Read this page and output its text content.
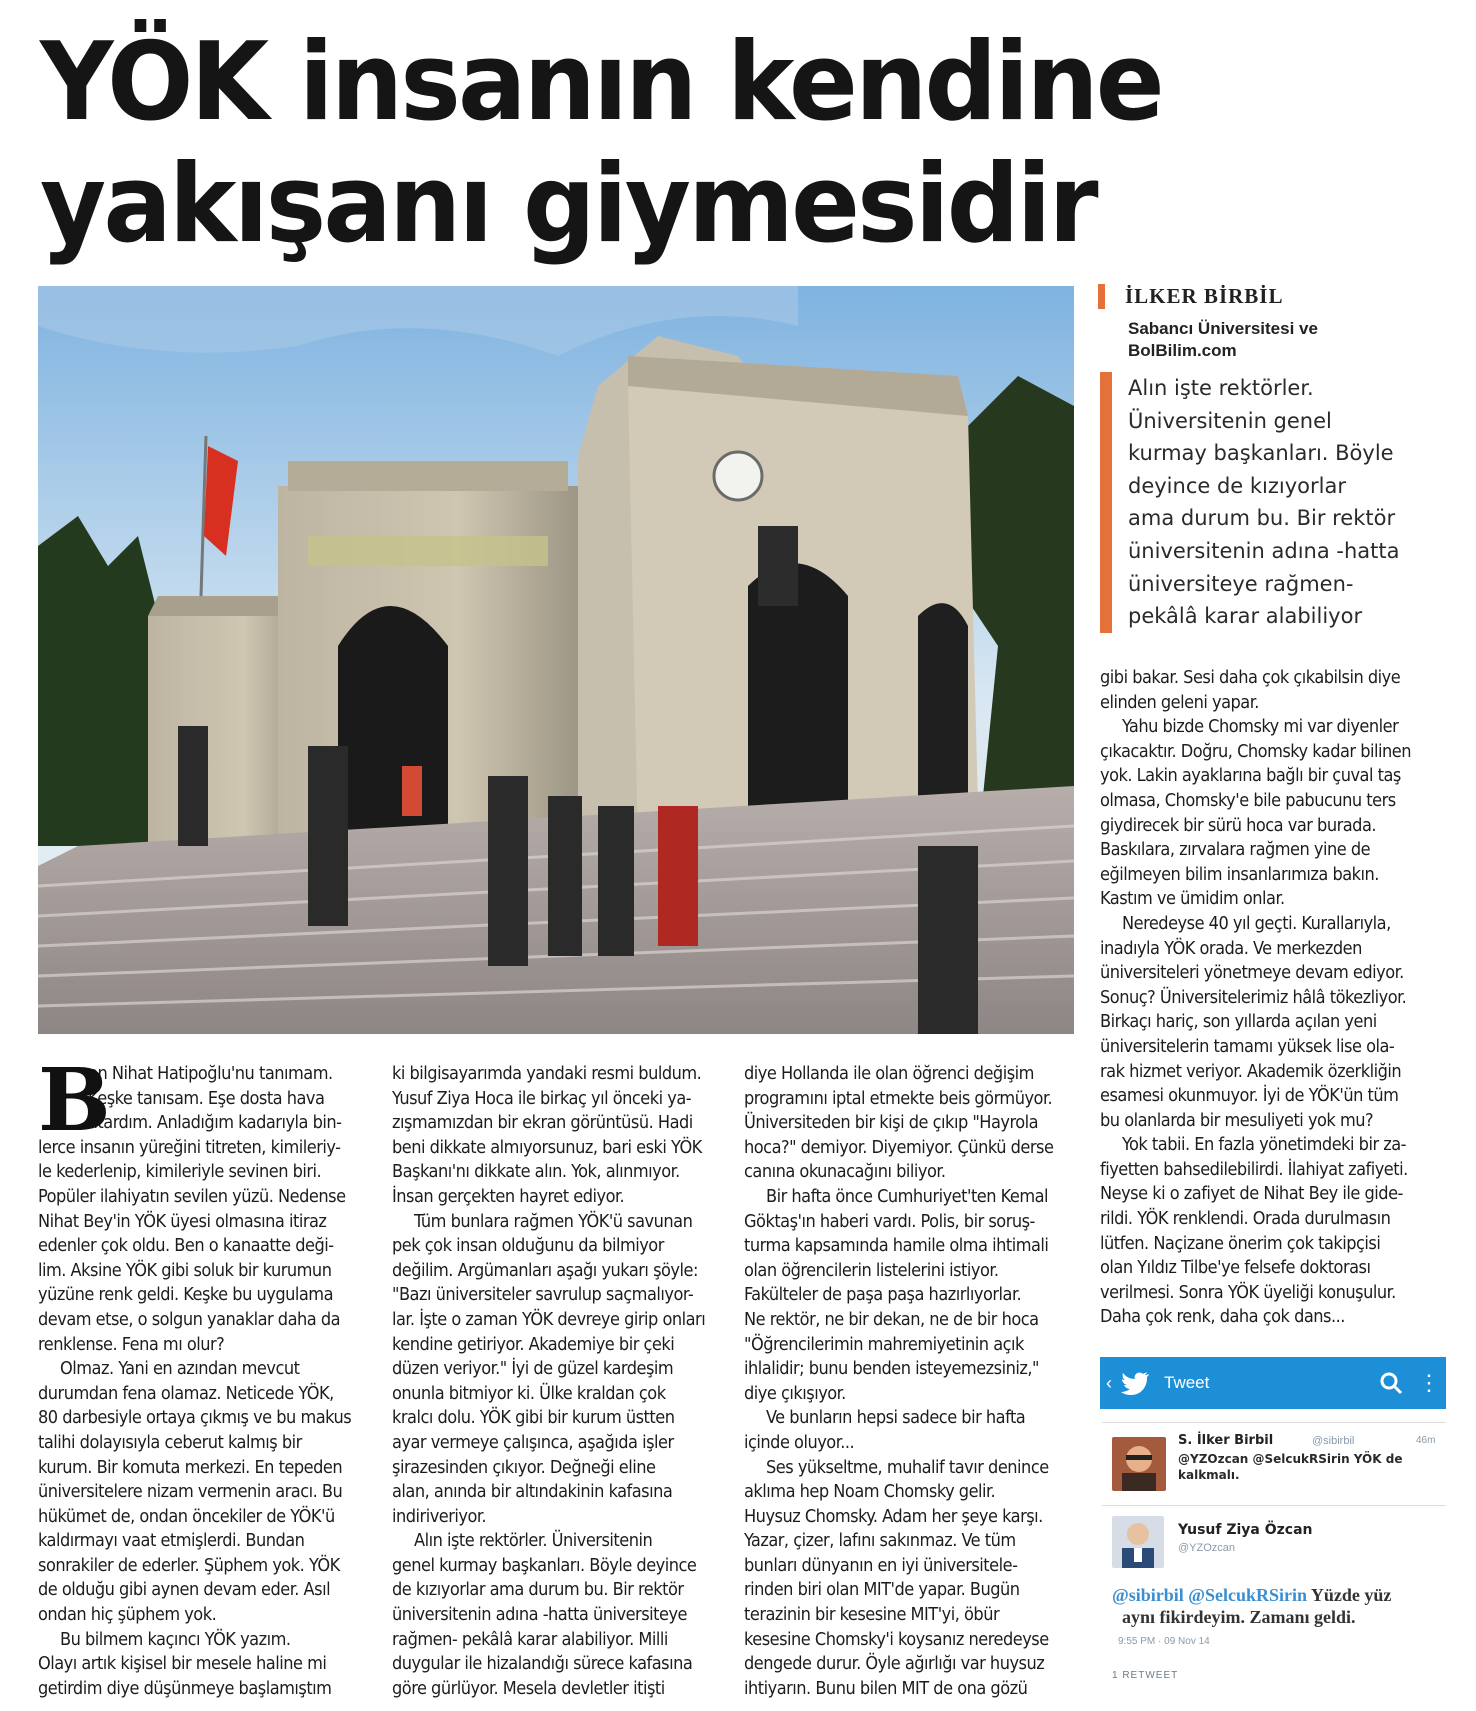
YÖK insanın kendine
yakışanı giymesidir
İLKER BİRBİL
Sabancı Üniversitesi ve
BolBilim.com
Alın işte rektörler.
Üniversitenin genel
kurmay başkanları. Böyle
deyince de kızıyorlar
ama durum bu. Bir rektör
üniversitenin adına -hatta
üniversiteye rağmen-
pekâlâ karar alabiliyor
B
en Nihat Hatipoğlu'nu tanımam.
Keşke tanısam. Eşe dosta hava
atardım. Anladığım kadarıyla bin-
lerce insanın yüreğini titreten, kimileriy-
le kederlenip, kimileriyle sevinen biri.
Popüler ilahiyatın sevilen yüzü. Nedense
Nihat Bey'in YÖK üyesi olmasına itiraz
edenler çok oldu. Ben o kanaatte deği-
lim. Aksine YÖK gibi soluk bir kurumun
yüzüne renk geldi. Keşke bu uygulama
devam etse, o solgun yanaklar daha da
renklense. Fena mı olur?
Olmaz. Yani en azından mevcut
durumdan fena olamaz. Neticede YÖK,
80 darbesiyle ortaya çıkmış ve bu makus
talihi dolayısıyla ceberut kalmış bir
kurum. Bir komuta merkezi. En tepeden
üniversitelere nizam vermenin aracı. Bu
hükümet de, ondan öncekiler de YÖK'ü
kaldırmayı vaat etmişlerdi. Bundan
sonrakiler de ederler. Şüphem yok. YÖK
de olduğu gibi aynen devam eder. Asıl
ondan hiç şüphem yok.
Bu bilmem kaçıncı YÖK yazım.
Olayı artık kişisel bir mesele haline mi
getirdim diye düşünmeye başlamıştım
ki bilgisayarımda yandaki resmi buldum.
Yusuf Ziya Hoca ile birkaç yıl önceki ya-
zışmamızdan bir ekran görüntüsü. Hadi
beni dikkate almıyorsunuz, bari eski YÖK
Başkanı'nı dikkate alın. Yok, alınmıyor.
İnsan gerçekten hayret ediyor.
Tüm bunlara rağmen YÖK'ü savunan
pek çok insan olduğunu da bilmiyor
değilim. Argümanları aşağı yukarı şöyle:
"Bazı üniversiteler savrulup saçmalıyor-
lar. İşte o zaman YÖK devreye girip onları
kendine getiriyor. Akademiye bir çeki
düzen veriyor." İyi de güzel kardeşim
onunla bitmiyor ki. Ülke kraldan çok
kralcı dolu. YÖK gibi bir kurum üstten
ayar vermeye çalışınca, aşağıda işler
şirazesinden çıkıyor. Değneği eline
alan, anında bir altındakinin kafasına
indiriveriyor.
Alın işte rektörler. Üniversitenin
genel kurmay başkanları. Böyle deyince
de kızıyorlar ama durum bu. Bir rektör
üniversitenin adına -hatta üniversiteye
rağmen- pekâlâ karar alabiliyor. Milli
duygular ile hizalandığı sürece kafasına
göre gürlüyor. Mesela devletler itişti
diye Hollanda ile olan öğrenci değişim
programını iptal etmekte beis görmüyor.
Üniversiteden bir kişi de çıkıp "Hayrola
hoca?" demiyor. Diyemiyor. Çünkü derse
canına okunacağını biliyor.
Bir hafta önce Cumhuriyet'ten Kemal
Göktaş'ın haberi vardı. Polis, bir soruş-
turma kapsamında hamile olma ihtimali
olan öğrencilerin listelerini istiyor.
Fakülteler de paşa paşa hazırlıyorlar.
Ne rektör, ne bir dekan, ne de bir hoca
"Öğrencilerimin mahremiyetinin açık
ihlalidir; bunu benden isteyemezsiniz,"
diye çıkışıyor.
Ve bunların hepsi sadece bir hafta
içinde oluyor...
Ses yükseltme, muhalif tavır denince
aklıma hep Noam Chomsky gelir.
Huysuz Chomsky. Adam her şeye karşı.
Yazar, çizer, lafını sakınmaz. Ve tüm
bunları dünyanın en iyi üniversitele-
rinden biri olan MIT'de yapar. Bugün
terazinin bir kesesine MIT'yi, öbür
kesesine Chomsky'i koysanız neredeyse
dengede durur. Öyle ağırlığı var huysuz
ihtiyarın. Bunu bilen MIT de ona gözü
gibi bakar. Sesi daha çok çıkabilsin diye
elinden geleni yapar.
Yahu bizde Chomsky mi var diyenler
çıkacaktır. Doğru, Chomsky kadar bilinen
yok. Lakin ayaklarına bağlı bir çuval taş
olmasa, Chomsky'e bile pabucunu ters
giydirecek bir sürü hoca var burada.
Baskılara, zırvalara rağmen yine de
eğilmeyen bilim insanlarımıza bakın.
Kastım ve ümidim onlar.
Neredeyse 40 yıl geçti. Kurallarıyla,
inadıyla YÖK orada. Ve merkezden
üniversiteleri yönetmeye devam ediyor.
Sonuç? Üniversitelerimiz hâlâ tökezliyor.
Birkaçı hariç, son yıllarda açılan yeni
üniversitelerin tamamı yüksek lise ola-
rak hizmet veriyor. Akademik özerkliğin
esamesi okunmuyor. İyi de YÖK'ün tüm
bu olanlarda bir mesuliyeti yok mu?
Yok tabii. En fazla yönetimdeki bir za-
fiyetten bahsedilebilirdi. İlahiyat zafiyeti.
Neyse ki o zafiyet de Nihat Bey ile gide-
rildi. YÖK renklendi. Orada durulmasın
lütfen. Naçizane önerim çok takipçisi
olan Yıldız Tilbe'ye felsefe doktorası
verilmesi. Sonra YÖK üyeliği konuşulur.
Daha çok renk, daha çok dans...
‹	Tweet	⋮
S. İlker Birbil	@sibirbil	46m
@YZOzcan @SelcukRSirin YÖK de
kalkmalı.
Yusuf Ziya Özcan
@YZOzcan
@sibirbil @SelcukRSirin Yüzde yüz
aynı fikirdeyim. Zamanı geldi.
9:55 PM · 09 Nov 14
1 RETWEET
